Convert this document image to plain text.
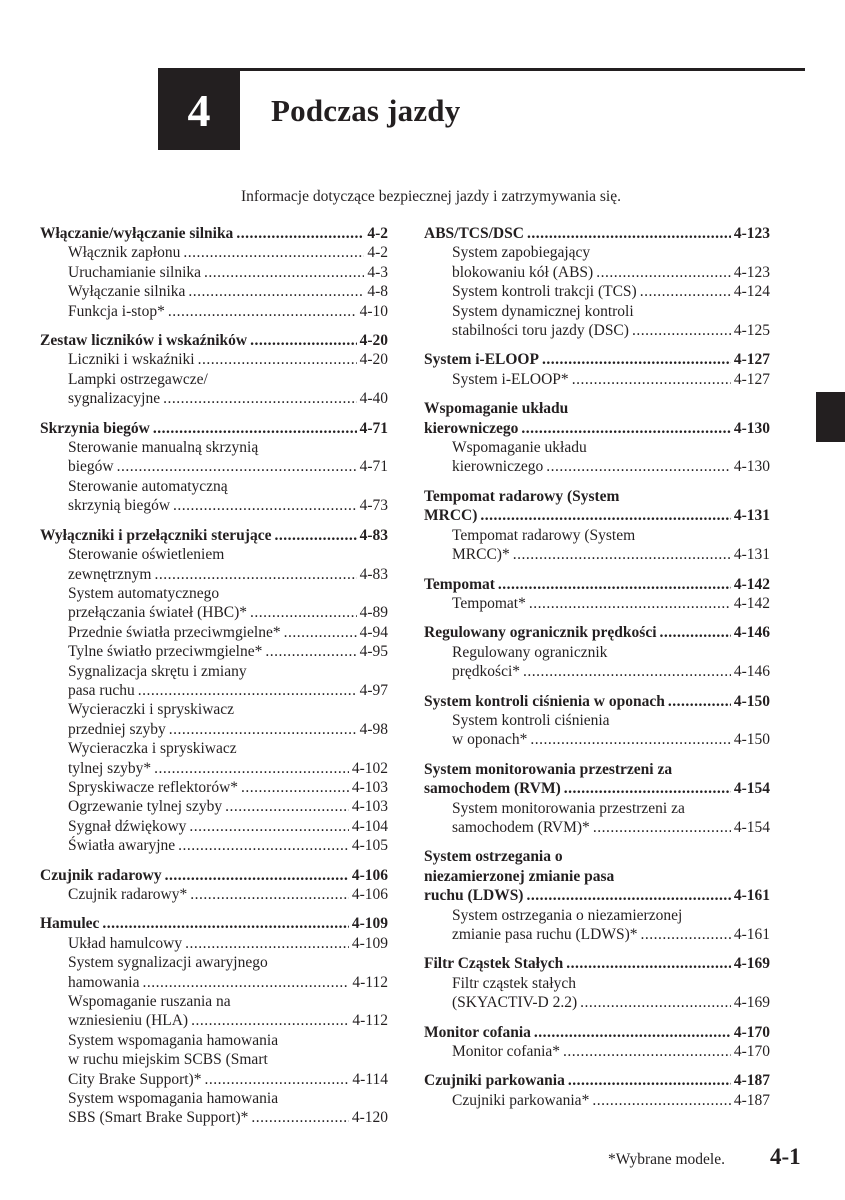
4 Podczas jazdy
Informacje dotyczące bezpiecznej jazdy i zatrzymywania się.
Włączanie/wyłączanie silnika .....	4-2
Włącznik zapłonu .....	4-2
Uruchamianie silnika .....	4-3
Wyłączanie silnika .....	4-8
Funkcja i-stop* .....	4-10
Zestaw liczników i wskaźników .....	4-20
Liczniki i wskaźniki .....	4-20
Lampki ostrzegawcze/
sygnalizacyjne .....	4-40
Skrzynia biegów .....	4-71
Sterowanie manualną skrzynią
biegów .....	4-71
Sterowanie automatyczną
skrzynią biegów .....	4-73
Wyłączniki i przełączniki sterujące .....	4-83
Sterowanie oświetleniem
zewnętrznym .....	4-83
System automatycznego
przełączania świateł (HBC)* .....	4-89
Przednie światła przeciwmgielne* .....	4-94
Tylne światło przeciwmgielne* .....	4-95
Sygnalizacja skrętu i zmiany
pasa ruchu .....	4-97
Wycieraczki i spryskiwacz
przedniej szyby .....	4-98
Wycieraczka i spryskiwacz
tylnej szyby* .....	4-102
Spryskiwacze reflektorów* .....	4-103
Ogrzewanie tylnej szyby .....	4-103
Sygnał dźwiękowy .....	4-104
Światła awaryjne .....	4-105
Czujnik radarowy .....	4-106
Czujnik radarowy* .....	4-106
Hamulec .....	4-109
Układ hamulcowy .....	4-109
System sygnalizacji awaryjnego
hamowania .....	4-112
Wspomaganie ruszania na
wzniesieniu (HLA) .....	4-112
System wspomagania hamowania
w ruchu miejskim SCBS (Smart
City Brake Support)* .....	4-114
System wspomagania hamowania
SBS (Smart Brake Support)* .....	4-120
ABS/TCS/DSC .....	4-123
System zapobiegający
blokowaniu kół (ABS) .....	4-123
System kontroli trakcji (TCS) .....	4-124
System dynamicznej kontroli
stabilności toru jazdy (DSC) .....	4-125
System i-ELOOP .....	4-127
System i-ELOOP* .....	4-127
Wspomaganie układu
kierowniczego .....	4-130
Wspomaganie układu
kierowniczego .....	4-130
Tempomat radarowy (System
MRCC) .....	4-131
Tempomat radarowy (System
MRCC)* .....	4-131
Tempomat .....	4-142
Tempomat* .....	4-142
Regulowany ogranicznik prędkości .....	4-146
Regulowany ogranicznik
prędkości* .....	4-146
System kontroli ciśnienia w oponach .....	4-150
System kontroli ciśnienia
w oponach* .....	4-150
System monitorowania przestrzeni za
samochodem (RVM) .....	4-154
System monitorowania przestrzeni za
samochodem (RVM)* .....	4-154
System ostrzegania o
niezamierzonej zmianie pasa
ruchu (LDWS) .....	4-161
System ostrzegania o niezamierzonej
zmianie pasa ruchu (LDWS)* .....	4-161
Filtr Cząstek Stałych .....	4-169
Filtr cząstek stałych
(SKYACTIV-D 2.2) .....	4-169
Monitor cofania .....	4-170
Monitor cofania* .....	4-170
Czujniki parkowania .....	4-187
Czujniki parkowania* .....	4-187
*Wybrane modele. 4-1
